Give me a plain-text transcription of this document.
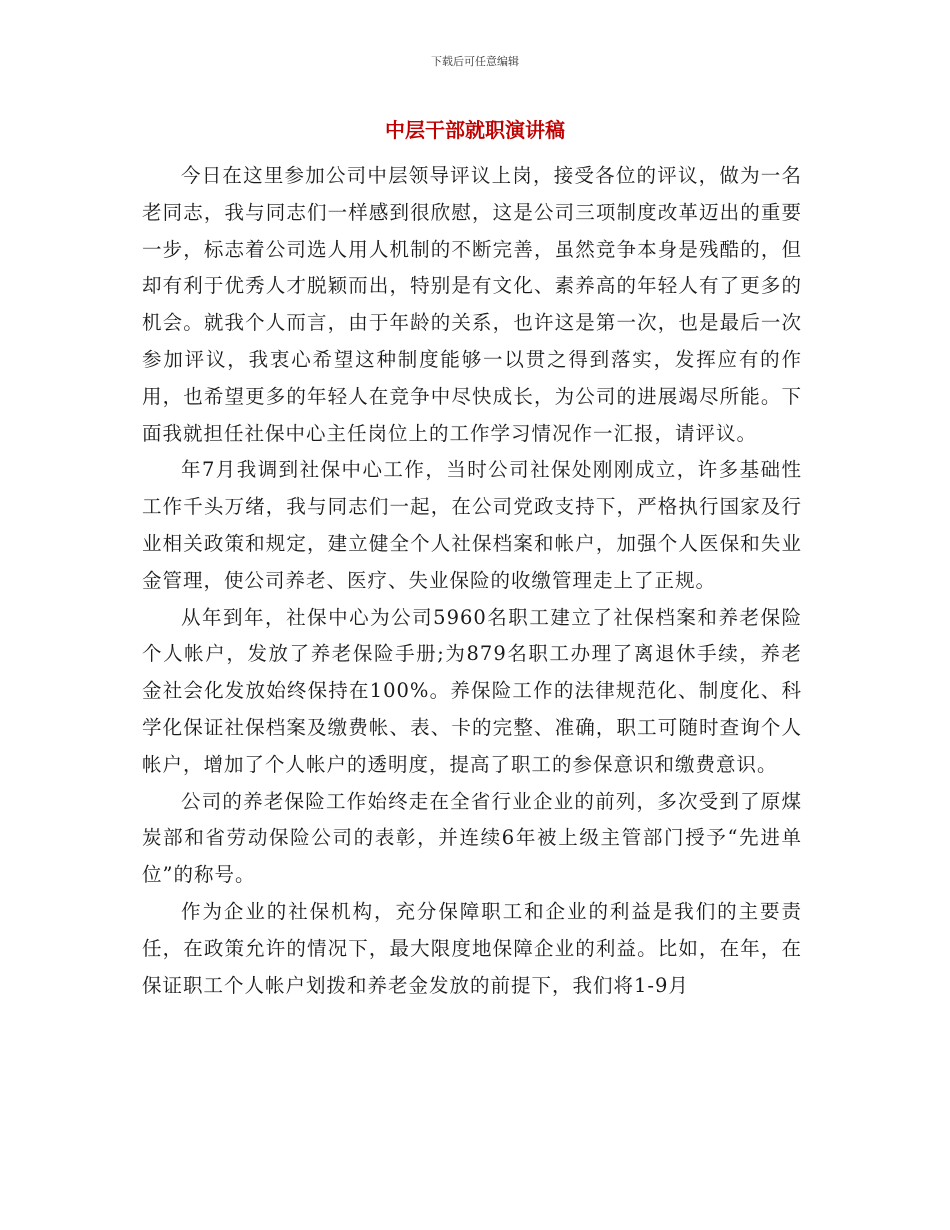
下载后可任意编辑
中层干部就职演讲稿

今日在这里参加公司中层领导评议上岗，接受各位的评议，做为一名老同志，我与同志们一样感到很欣慰，这是公司三项制度改革迈出的重要一步，标志着公司选人用人机制的不断完善，虽然竞争本身是残酷的，但却有利于优秀人才脱颖而出，特别是有文化、素养高的年轻人有了更多的机会。就我个人而言，由于年龄的关系，也许这是第一次，也是最后一次参加评议，我衷心希望这种制度能够一以贯之得到落实，发挥应有的作用，也希望更多的年轻人在竞争中尽快成长，为公司的进展竭尽所能。下面我就担任社保中心主任岗位上的工作学习情况作一汇报，请评议。

年7月我调到社保中心工作，当时公司社保处刚刚成立，许多基础性工作千头万绪，我与同志们一起，在公司党政支持下，严格执行国家及行业相关政策和规定，建立健全个人社保档案和帐户，加强个人医保和失业金管理，使公司养老、医疗、失业保险的收缴管理走上了正规。

从年到年，社保中心为公司5960名职工建立了社保档案和养老保险个人帐户，发放了养老保险手册;为879名职工办理了离退休手续，养老金社会化发放始终保持在100%。养保险工作的法律规范化、制度化、科学化保证社保档案及缴费帐、表、卡的完整、准确，职工可随时查询个人帐户，增加了个人帐户的透明度，提高了职工的参保意识和缴费意识。

公司的养老保险工作始终走在全省行业企业的前列，多次受到了原煤炭部和省劳动保险公司的表彰，并连续6年被上级主管部门授予“先进单位”的称号。

作为企业的社保机构，充分保障职工和企业的利益是我们的主要责任，在政策允许的情况下，最大限度地保障企业的利益。比如，在年，在保证职工个人帐户划拨和养老金发放的前提下，我们将1-9月
